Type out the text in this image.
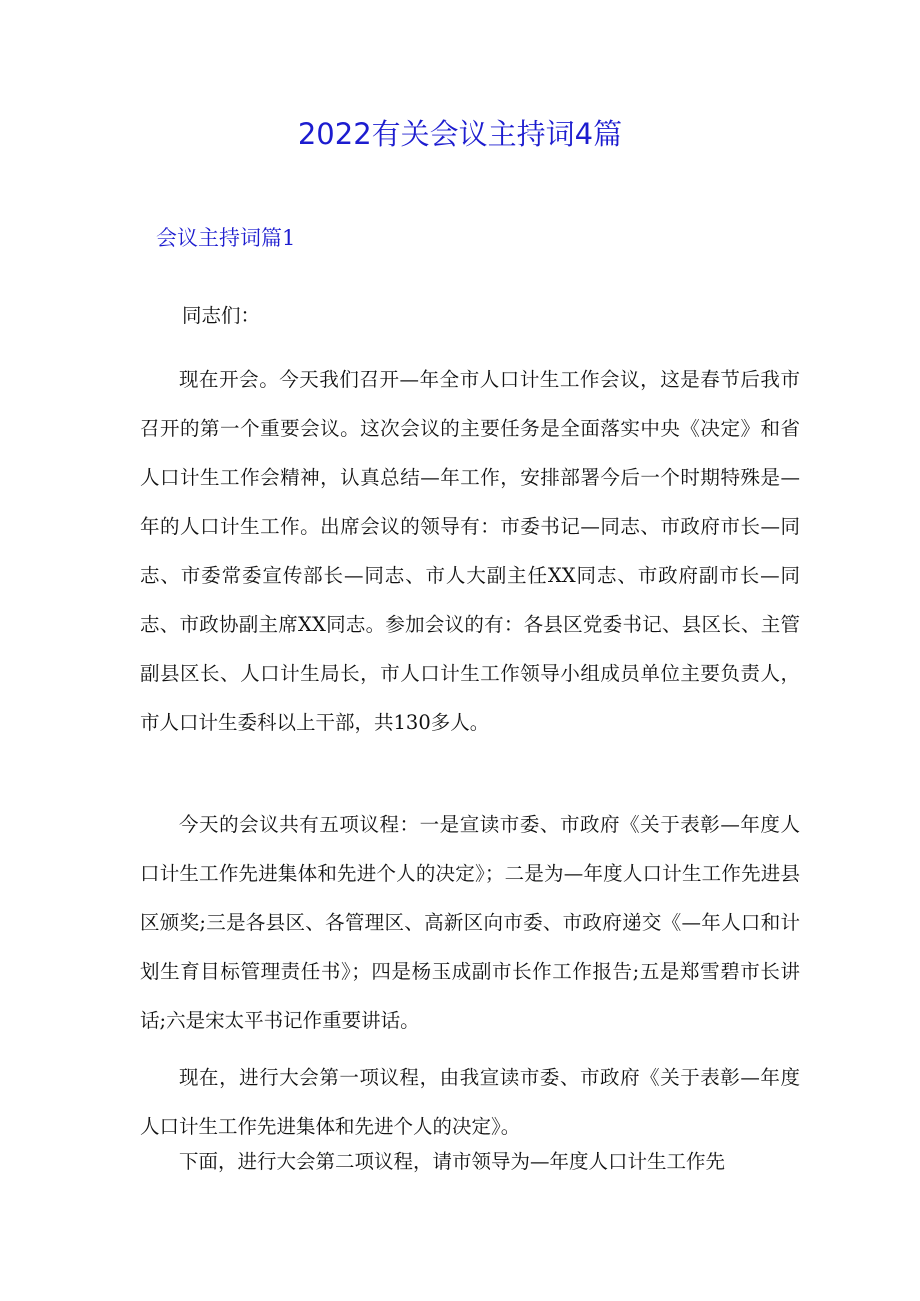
2022有关会议主持词4篇
会议主持词篇1

同志们：

现在开会。今天我们召开—年全市人口计生工作会议，这是春节后我市召开的第一个重要会议。这次会议的主要任务是全面落实中央《决定》和省人口计生工作会精神，认真总结—年工作，安排部署今后一个时期特殊是—年的人口计生工作。出席会议的领导有：市委书记—同志、市政府市长—同志、市委常委宣传部长—同志、市人大副主任XX同志、市政府副市长—同志、市政协副主席XX同志。参加会议的有：各县区党委书记、县区长、主管副县区长、人口计生局长，市人口计生工作领导小组成员单位主要负责人，市人口计生委科以上干部，共130多人。

今天的会议共有五项议程：一是宣读市委、市政府《关于表彰—年度人口计生工作先进集体和先进个人的决定》；二是为—年度人口计生工作先进县区颁奖;三是各县区、各管理区、高新区向市委、市政府递交《—年人口和计划生育目标管理责任书》；四是杨玉成副市长作工作报告;五是郑雪碧市长讲话;六是宋太平书记作重要讲话。

现在，进行大会第一项议程，由我宣读市委、市政府《关于表彰—年度人口计生工作先进集体和先进个人的决定》。

下面，进行大会第二项议程，请市领导为—年度人口计生工作先
